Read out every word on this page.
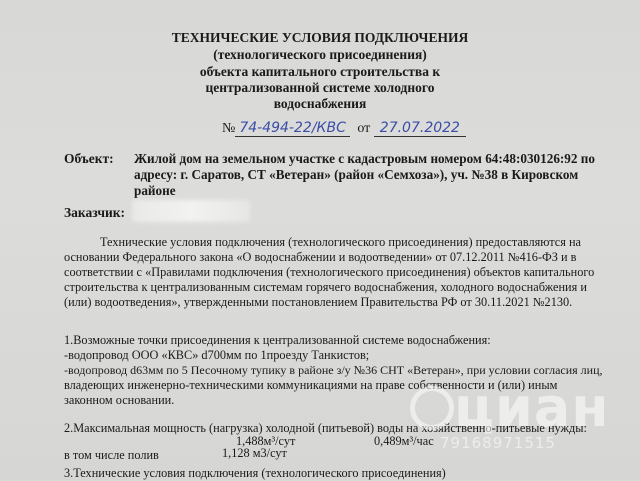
ТЕХНИЧЕСКИЕ УСЛОВИЯ ПОДКЛЮЧЕНИЯ
(технологического присоединения)
объекта капитального строительства к
централизованной системе холодного
водоснабжения
№ 74-494-22/КВС от 27.07.2022
Объект: Жилой дом на земельном участке с кадастровым номером 64:48:030126:92 по
адресу: г. Саратов, СТ «Ветеран» (район «Семхоза»), уч. №38 в Кировском
районе
Заказчик:
Технические условия подключения (технологического присоединения) предоставляются на
основании Федерального закона «О водоснабжении и водоотведении» от 07.12.2011 №416-ФЗ и в
соответствии с «Правилами подключения (технологического присоединения) объектов капитального
строительства к централизованным системам горячего водоснабжения, холодного водоснабжения и
(или) водоотведения», утвержденными постановлением Правительства РФ от 30.11.2021 №2130.
1.Возможные точки присоединения к централизованной системе водоснабжения:
-водопровод ООО «КВС» d700мм по 1проезду Танкистов;
-водопровод d63мм по 5 Песочному тупику в районе з/у №36 СНТ «Ветеран», при условии согласия лиц,
владеющих инженерно-техническими коммуникациями на праве собственности и (или) иным
законном основании.
2.Максимальная мощность (нагрузка) холодной (питьевой) воды на хозяйственно-питьевые нужды:
1,488м³/сут	0,489м³/час
в том числе полив	1,128 м3/сут
3.Технические условия подключения (технологического присоединения)
циан
79168971515
